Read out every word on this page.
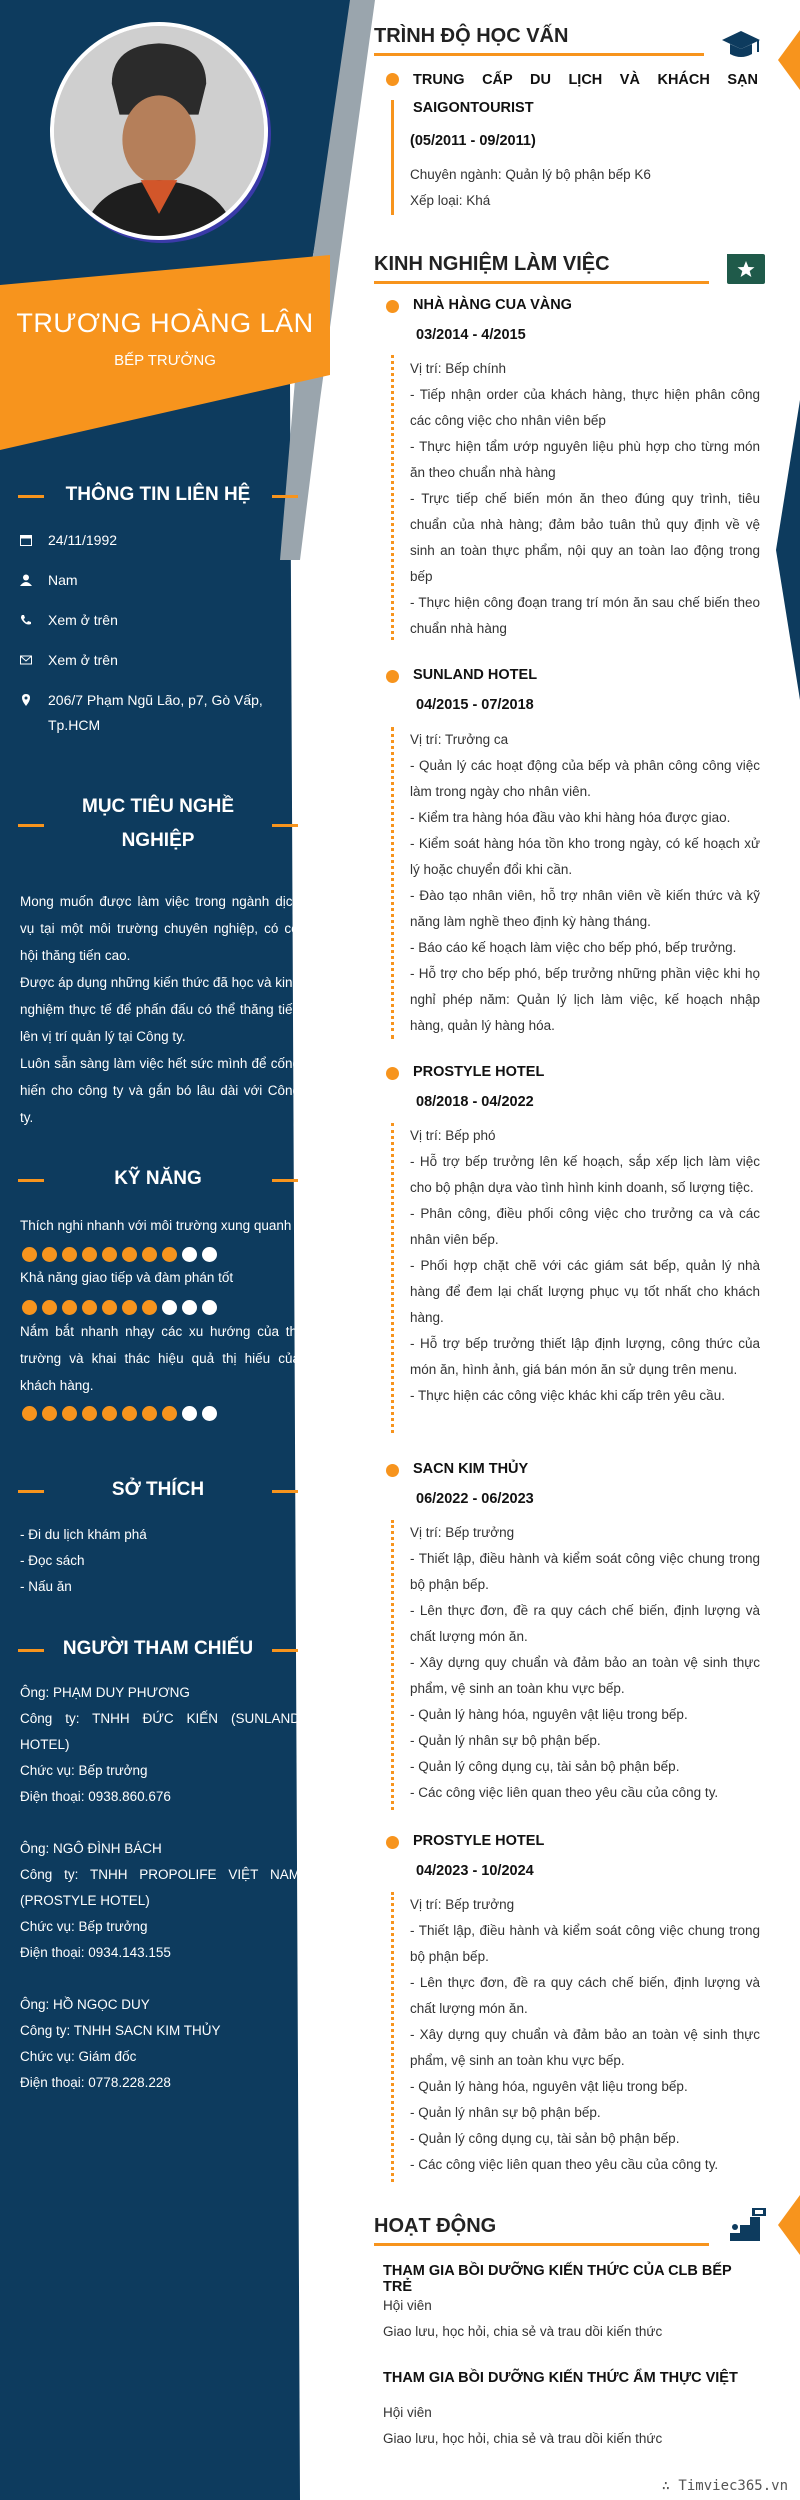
TRƯƠNG HOÀNG LÂN
BẾP TRƯỞNG
THÔNG TIN LIÊN HỆ
24/11/1992
Nam
Xem ở trên
Xem ở trên
206/7 Phạm Ngũ Lão, p7, Gò Vấp, Tp.HCM
MỤC TIÊU NGHỀ
NGHIỆP
Mong muốn được làm việc trong ngành dịch vụ tại một môi trường chuyên nghiệp, có cơ hội thăng tiến cao.
Được áp dụng những kiến thức đã học và kinh nghiệm thực tế để phấn đấu có thể thăng tiến lên vị trí quản lý tại Công ty.
Luôn sẵn sàng làm việc hết sức mình để cống hiến cho công ty và gắn bó lâu dài với Công ty.
KỸ NĂNG
Thích nghi nhanh với môi trường xung quanh
Khả năng giao tiếp và đàm phán tốt
Nắm bắt nhanh nhạy các xu hướng của thị trường và khai thác hiệu quả thị hiếu của khách hàng.
SỞ THÍCH
- Đi du lịch khám phá
- Đọc sách
- Nấu ăn
NGƯỜI THAM CHIẾU
Ông: PHẠM DUY PHƯƠNG
Công ty: TNHH ĐỨC KIẾN (SUNLAND HOTEL)
Chức vụ: Bếp trưởng
Điện thoại: 0938.860.676
Ông: NGÔ ĐÌNH BÁCH
Công ty: TNHH PROPOLIFE VIỆT NAM (PROSTYLE HOTEL)
Chức vụ: Bếp trưởng
Điện thoại: 0934.143.155
Ông: HỒ NGỌC DUY
Công ty: TNHH SACN KIM THỦY
Chức vụ: Giám đốc
Điện thoại: 0778.228.228
TRÌNH ĐỘ HỌC VẤN
TRUNG CẤP DU LỊCH VÀ KHÁCH SẠN SAIGONTOURIST
(05/2011 - 09/2011)
Chuyên ngành: Quản lý bộ phận bếp K6
Xếp loại: Khá
KINH NGHIỆM LÀM VIỆC
NHÀ HÀNG CUA VÀNG
03/2014 - 4/2015
Vị trí: Bếp chính
- Tiếp nhận order của khách hàng, thực hiện phân công các công việc cho nhân viên bếp
- Thực hiện tẩm ướp nguyên liệu phù hợp cho từng món ăn theo chuẩn nhà hàng
- Trực tiếp chế biến món ăn theo đúng quy trình, tiêu chuẩn của nhà hàng; đảm bảo tuân thủ quy định về vệ sinh an toàn thực phẩm, nội quy an toàn lao động trong bếp
- Thực hiện công đoạn trang trí món ăn sau chế biến theo chuẩn nhà hàng
SUNLAND HOTEL
04/2015 - 07/2018
Vị trí: Trưởng ca
- Quản lý các hoạt động của bếp và phân công công việc làm trong ngày cho nhân viên.
- Kiểm tra hàng hóa đầu vào khi hàng hóa được giao.
- Kiểm soát hàng hóa tồn kho trong ngày, có kế hoạch xử lý hoặc chuyển đổi khi cần.
- Đào tạo nhân viên, hỗ trợ nhân viên về kiến thức và kỹ năng làm nghề theo định kỳ hàng tháng.
- Báo cáo kế hoạch làm việc cho bếp phó, bếp trưởng.
- Hỗ trợ cho bếp phó, bếp trưởng những phần việc khi họ nghỉ phép năm: Quản lý lịch làm việc, kế hoạch nhập hàng, quản lý hàng hóa.
PROSTYLE HOTEL
08/2018 - 04/2022
Vị trí: Bếp phó
- Hỗ trợ bếp trưởng lên kế hoạch, sắp xếp lịch làm việc cho bộ phận dựa vào tình hình kinh doanh, số lượng tiệc.
- Phân công, điều phối công việc cho trưởng ca và các nhân viên bếp.
- Phối hợp chặt chẽ với các giám sát bếp, quản lý nhà hàng để đem lại chất lượng phục vụ tốt nhất cho khách hàng.
- Hỗ trợ bếp trưởng thiết lập định lượng, công thức của món ăn, hình ảnh, giá bán món ăn sử dụng trên menu.
- Thực hiện các công việc khác khi cấp trên yêu cầu.
SACN KIM THỦY
06/2022 - 06/2023
Vị trí: Bếp trưởng
- Thiết lập, điều hành và kiểm soát công việc chung trong bộ phận bếp.
- Lên thực đơn, đề ra quy cách chế biến, định lượng và chất lượng món ăn.
- Xây dựng quy chuẩn và đảm bảo an toàn vệ sinh thực phẩm, vệ sinh an toàn khu vực bếp.
- Quản lý hàng hóa, nguyên vật liệu trong bếp.
- Quản lý nhân sự bộ phận bếp.
- Quản lý công dụng cụ, tài sản bộ phận bếp.
- Các công việc liên quan theo yêu cầu của công ty.
PROSTYLE HOTEL
04/2023 - 10/2024
Vị trí: Bếp trưởng
- Thiết lập, điều hành và kiểm soát công việc chung trong bộ phận bếp.
- Lên thực đơn, đề ra quy cách chế biến, định lượng và chất lượng món ăn.
- Xây dựng quy chuẩn và đảm bảo an toàn vệ sinh thực phẩm, vệ sinh an toàn khu vực bếp.
- Quản lý hàng hóa, nguyên vật liệu trong bếp.
- Quản lý nhân sự bộ phận bếp.
- Quản lý công dụng cụ, tài sản bộ phận bếp.
- Các công việc liên quan theo yêu cầu của công ty.
HOẠT ĐỘNG
THAM GIA BỒI DƯỠNG KIẾN THỨC CỦA CLB BẾP TRẺ
Hội viên
Giao lưu, học hỏi, chia sẻ và trau dồi kiến thức
THAM GIA BỒI DƯỠNG KIẾN THỨC ẨM THỰC VIỆT
Hội viên
Giao lưu, học hỏi, chia sẻ và trau dồi kiến thức
∴ Timviec365.vn
